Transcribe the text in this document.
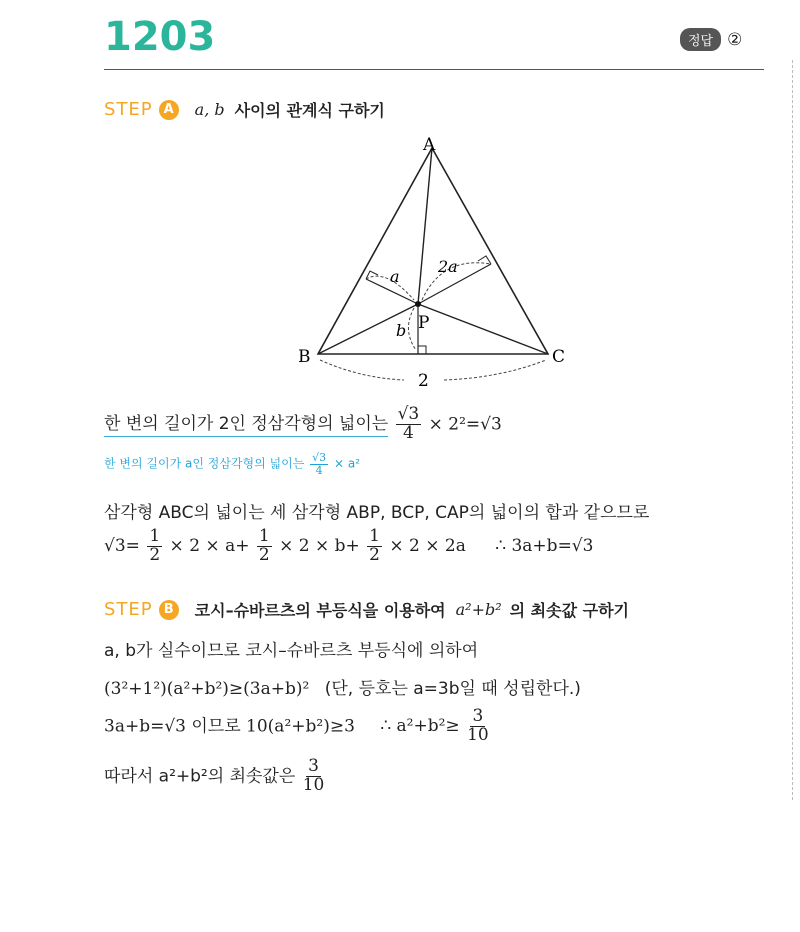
1203	정답 ②
STEP A	a, b 사이의 관계식 구하기
A
B	C
P
a
2a
b
2
한 변의 길이가 2인 정삼각형의 넓이는 $\frac{√3}{4} \times 2^2=√3$
한 변의 길이가 a인 정삼각형의 넓이는 $\frac{√3}{4} \times a^2$
삼각형 ABC의 넓이는 세 삼각형 ABP, BCP, CAP의 넓이의 합과 같으므로
$√3= \frac{1}{2} \times 2 \times a+ \frac{1}{2} \times 2 \times b+ \frac{1}{2} \times 2 \times 2a$ ∴ 3a+b=√3
STEP B	코시–슈바르츠의 부등식을 이용하여 a²+b² 의 최솟값 구하기
a, b가 실수이므로 코시–슈바르츠 부등식에 의하여
(3²+1²)(a²+b²)≥(3a+b)² (단, 등호는 a=3b일 때 성립한다.)
3a+b=√3 이므로 10(a²+b²)≥3 ∴ $a^2+b^2\ge \frac{3}{10}$
따라서 a²+b²의 최솟값은 $\frac{3}{10}$
